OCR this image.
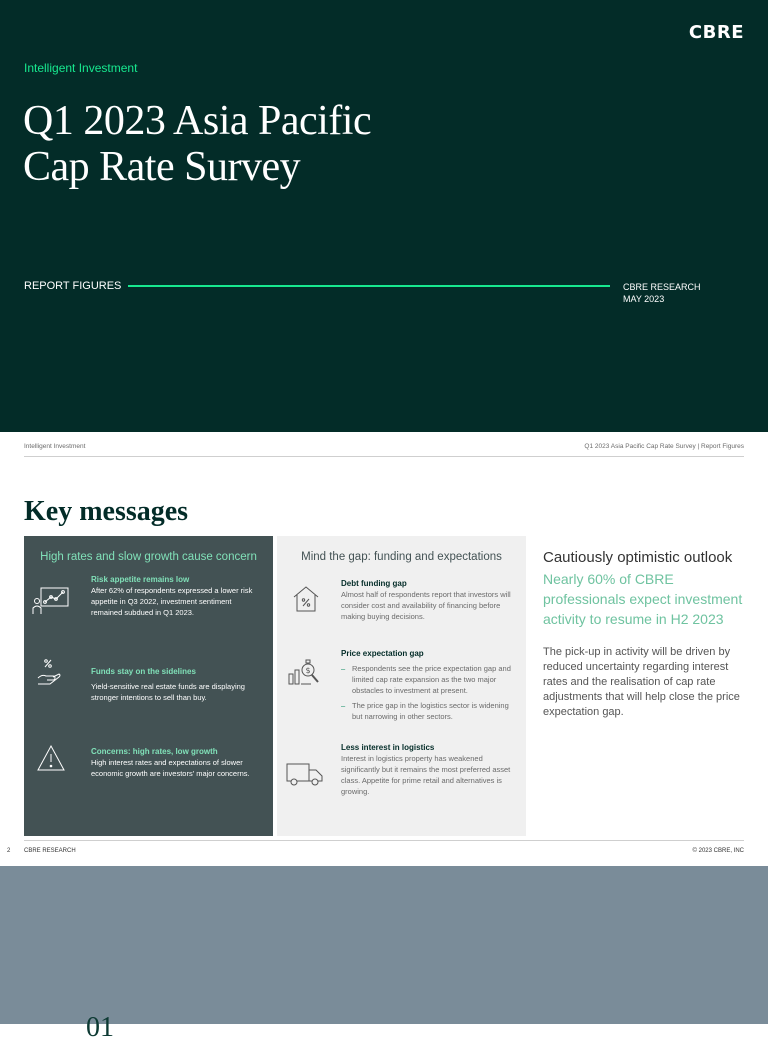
CBRE
Intelligent Investment
Q1 2023 Asia Pacific
Cap Rate Survey
REPORT FIGURES	CBRE RESEARCH
MAY 2023
Intelligent Investment	Q1 2023 Asia Pacific Cap Rate Survey | Report Figures
Key messages
High rates and slow growth cause concern
Risk appetite remains low
After 62% of respondents expressed a lower risk appetite in Q3 2022, investment sentiment remained subdued in Q1 2023.
Funds stay on the sidelines
Yield-sensitive real estate funds are displaying stronger intentions to sell than buy.
Concerns: high rates, low growth
High interest rates and expectations of slower economic growth are investors' major concerns.
Mind the gap: funding and expectations
Debt funding gap
Almost half of respondents report that investors will consider cost and availability of financing before making buying decisions.
$
Price expectation gap
– Respondents see the price expectation gap and limited cap rate expansion as the two major obstacles to investment at present.
– The price gap in the logistics sector is widening but narrowing in other sectors.
Less interest in logistics
Interest in logistics property has weakened significantly but it remains the most preferred asset class. Appetite for prime retail and alternatives is growing.
Cautiously optimistic outlook
Nearly 60% of CBRE professionals expect investment activity to resume in H2 2023
The pick-up in activity will be driven by reduced uncertainty regarding interest rates and the realisation of cap rate adjustments that will help close the price expectation gap.
2 CBRE RESEARCH	© 2023 CBRE, INC
01
